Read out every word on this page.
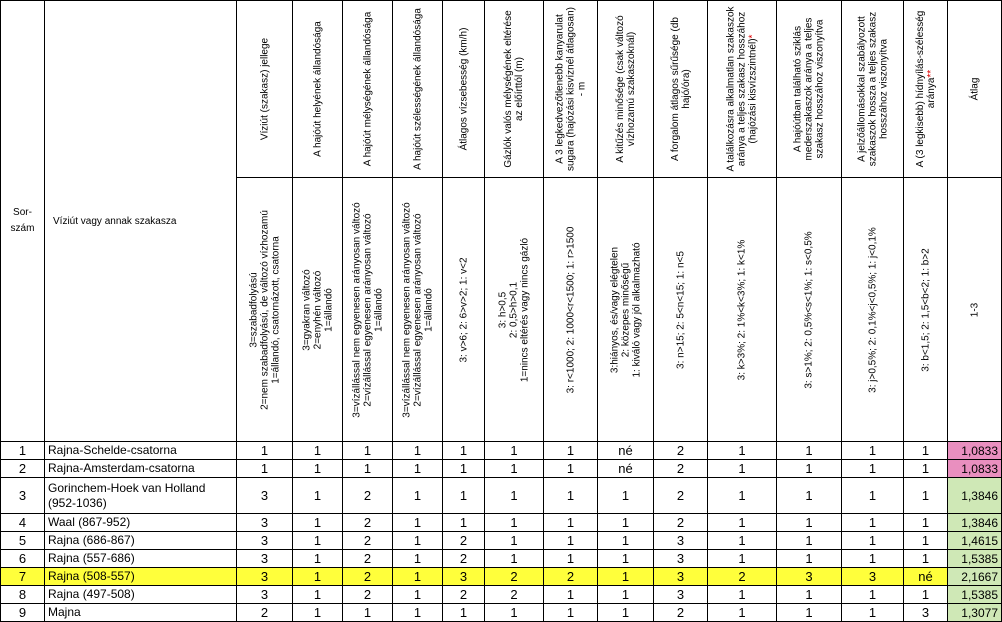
Sor-
szám	Víziút vagy annak szakasza	Víziút (szakasz) jellege	A hajóút helyének állandósága	A hajóút mélységének állandósága	A hajóút szélességének állandósága	Átlagos vízsebesség (km/h)	Gázlók valós mélységének eltérése az előírttól (m)	A 3 legkedvezőtlenebb kanyarulat sugara (hajózási kisvíznél átlagosan) - m	A kitűzés minősége (csak változó vízhozamú szakaszoknál)	A forgalom átlagos sűrűsége (db hajó/óra)	A találkozásra alkalmatlan szakaszok aránya a teljes szakasz hosszához (hajózási kisvízszintnél)*	A hajóútban található sziklás mederszakaszok aránya a teljes szakasz hosszához viszonyítva	A jelzőállomásokkal szabályozott szakaszok hossza a teljes szakasz hosszához viszonyítva	A (3 legkisebb) hídnyílás-szélesség aránya**	Átlag

		3=szabadfolyású
2=nem szabadfolyású, de változó vízhozamú
1=állandó, csatornázott, csatorna	3=gyakran változó
2=enyhén változó
1=állandó	3=vízállással nem egyenesen arányosan változó
2=vízállással egyenesen arányosan változó
1=állandó	3=vízállással nem egyenesen arányosan változó
2=vízállással egyenesen arányosan változó
1=állandó	3: v>6; 2: 6>v>2; 1: v<2	3: h>0,5
2: 0,5>h>0,1
1=nincs eltérés vagy nincs gázló	3: r<1000; 2: 1000<r<1500; 1: r>1500	3:hiányos, és/vagy elégtelen
2: közepes minőségű
1: kiváló vagy jól alkalmazható	3: n>15; 2: 5<n<15; 1: n<5	3: k>3%; 2: 1%<k<3%; 1: k<1%	3: s>1%; 2: 0,5%<s<1%; 1: s<0,5%	3: j>0,5%; 2: 0,1%<j<0,5%; 1: j<0,1%	3: b<1,5; 2: 1,5<b<2; 1: b>2	1-3

1	Rajna-Schelde-csatorna	1	1	1	1	1	1	1	né	2	1	1	1	1	1,0833
2	Rajna-Amsterdam-csatorna	1	1	1	1	1	1	1	né	2	1	1	1	1	1,0833
3	Gorinchem-Hoek van Holland (952-1036)	3	1	2	1	1	1	1	1	2	1	1	1	1	1,3846
4	Waal (867-952)	3	1	2	1	1	1	1	1	2	1	1	1	1	1,3846
5	Rajna (686-867)	3	1	2	1	2	1	1	1	3	1	1	1	1	1,4615
6	Rajna (557-686)	3	1	2	1	2	1	1	1	3	1	1	1	1	1,5385
7	Rajna (508-557)	3	1	2	1	3	2	2	1	3	2	3	3	né	2,1667
8	Rajna (497-508)	3	1	2	1	2	2	1	1	3	1	1	1	1	1,5385
9	Majna	2	1	1	1	1	1	1	1	2	1	1	1	3	1,3077
